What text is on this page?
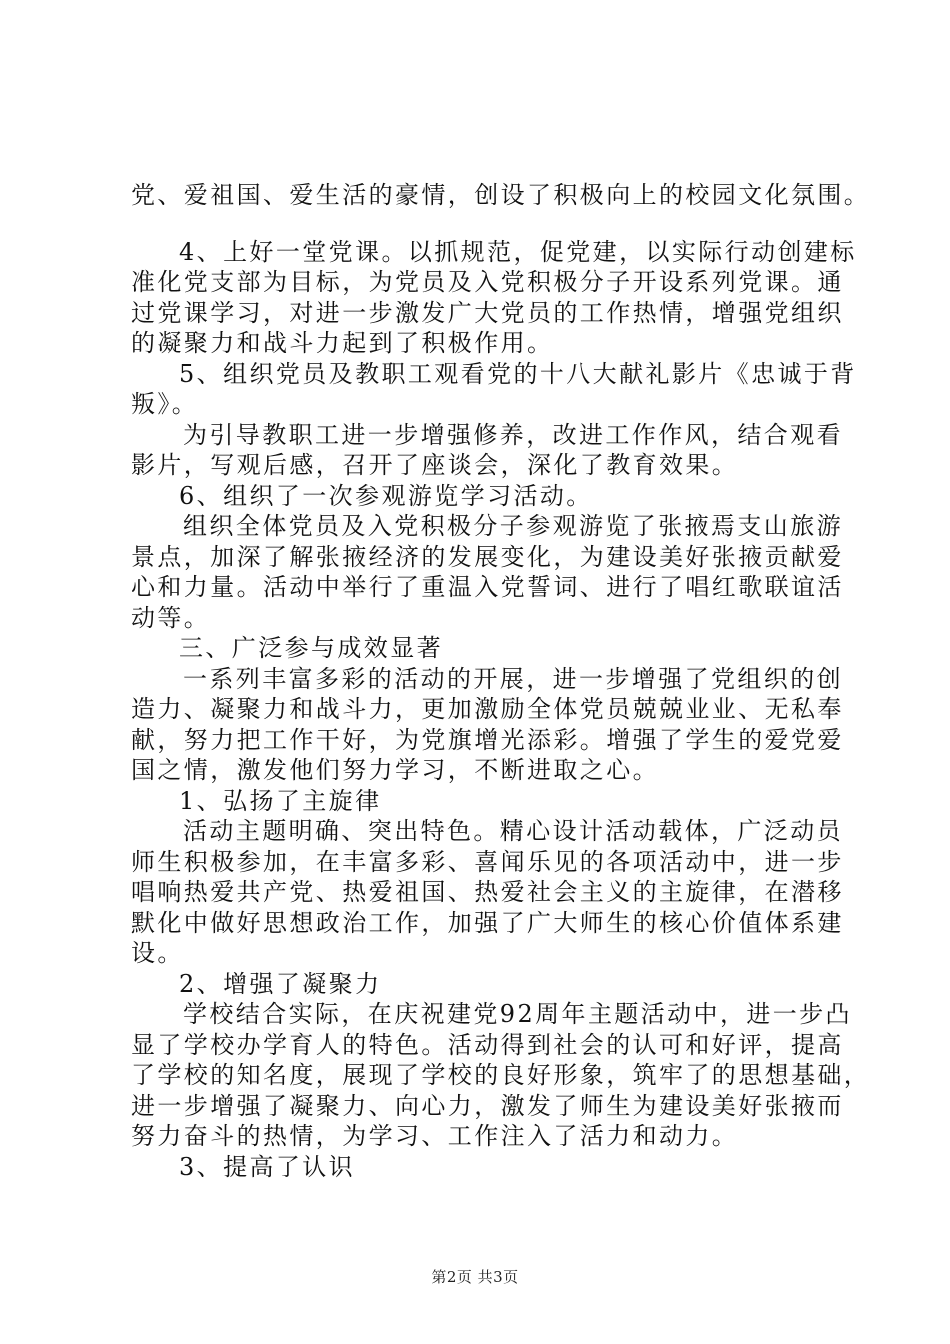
党、爱祖国、爱生活的豪情，创设了积极向上的校园文化氛围。
4、上好一堂党课。以抓规范，促党建，以实际行动创建标
准化党支部为目标，为党员及入党积极分子开设系列党课。通
过党课学习，对进一步激发广大党员的工作热情，增强党组织
的凝聚力和战斗力起到了积极作用。
5、组织党员及教职工观看党的十八大献礼影片《忠诚于背
叛》。
为引导教职工进一步增强修养，改进工作作风，结合观看
影片，写观后感，召开了座谈会，深化了教育效果。
6、组织了一次参观游览学习活动。
组织全体党员及入党积极分子参观游览了张掖焉支山旅游
景点，加深了解张掖经济的发展变化，为建设美好张掖贡献爱
心和力量。活动中举行了重温入党誓词、进行了唱红歌联谊活
动等。
三、广泛参与成效显著
一系列丰富多彩的活动的开展，进一步增强了党组织的创
造力、凝聚力和战斗力，更加激励全体党员兢兢业业、无私奉
献，努力把工作干好，为党旗增光添彩。增强了学生的爱党爱
国之情，激发他们努力学习，不断进取之心。
1、弘扬了主旋律
活动主题明确、突出特色。精心设计活动载体，广泛动员
师生积极参加，在丰富多彩、喜闻乐见的各项活动中，进一步
唱响热爱共产党、热爱祖国、热爱社会主义的主旋律，在潜移
默化中做好思想政治工作，加强了广大师生的核心价值体系建
设。
2、增强了凝聚力
学校结合实际，在庆祝建党92周年主题活动中，进一步凸
显了学校办学育人的特色。活动得到社会的认可和好评，提高
了学校的知名度，展现了学校的良好形象，筑牢了的思想基础，
进一步增强了凝聚力、向心力，激发了师生为建设美好张掖而
努力奋斗的热情，为学习、工作注入了活力和动力。
3、提高了认识
第2页 共3页
